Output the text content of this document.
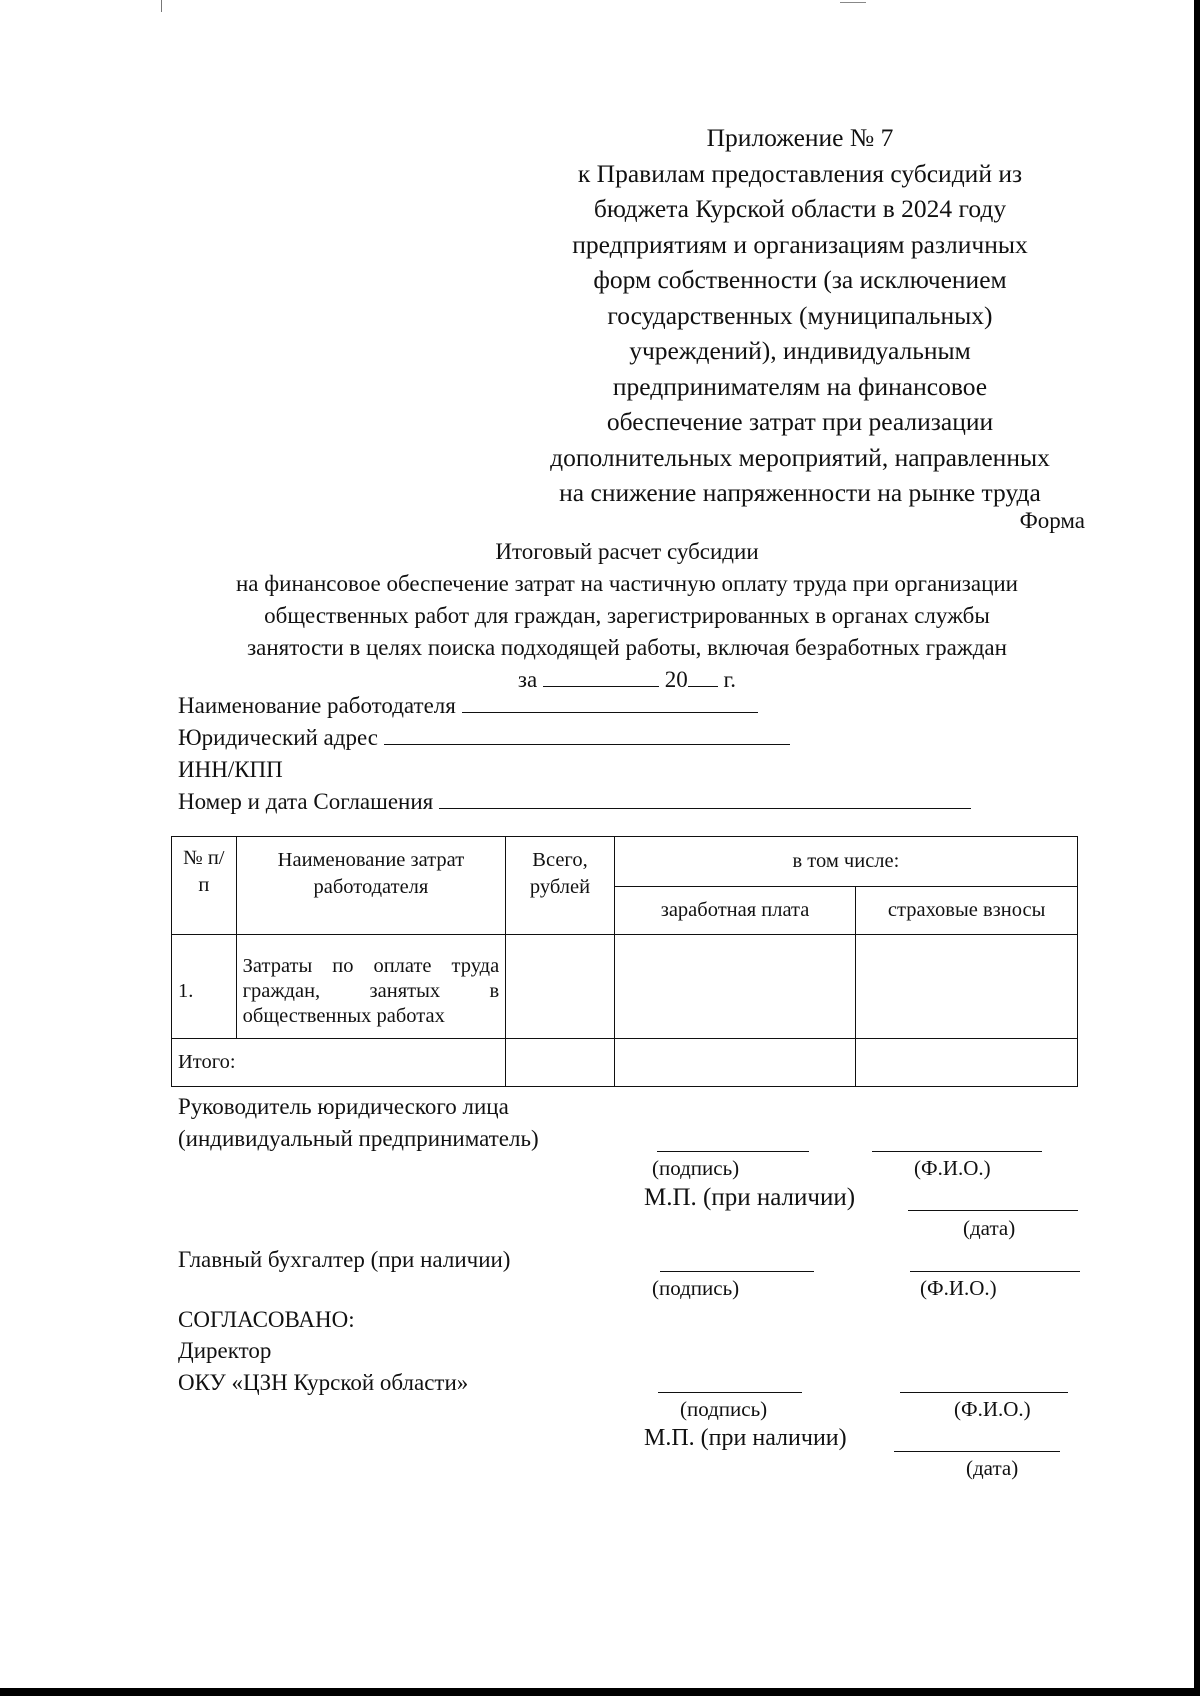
Приложение № 7
к Правилам предоставления субсидий из
бюджета Курской области в 2024 году
предприятиям и организациям различных
форм собственности (за исключением
государственных (муниципальных)
учреждений), индивидуальным
предпринимателям на финансовое
обеспечение затрат при реализации
дополнительных мероприятий, направленных
на снижение напряженности на рынке труда
Форма
Итоговый расчет субсидии
на финансовое обеспечение затрат на частичную оплату труда при организации
общественных работ для граждан, зарегистрированных в органах службы
занятости в целях поиска подходящей работы, включая безработных граждан
за	20 г.
Наименование работодателя
Юридический адрес
ИНН/КПП
Номер и дата Соглашения
№ п/п	Наименование затрат работодателя	Всего, рублей	в том числе:	
			заработная плата	страховые взносы
1.	Затраты по оплате труда граждан, занятых в общественных работах			
Итого:				
Руководитель юридического лица
(индивидуальный предприниматель)
(подпись)	(Ф.И.О.)
М.П. (при наличии)
(дата)
Главный бухгалтер (при наличии)
(подпись)	(Ф.И.О.)
СОГЛАСОВАНО:
Директор
ОКУ «ЦЗН Курской области»
(подпись)	(Ф.И.О.)
М.П. (при наличии)
(дата)
